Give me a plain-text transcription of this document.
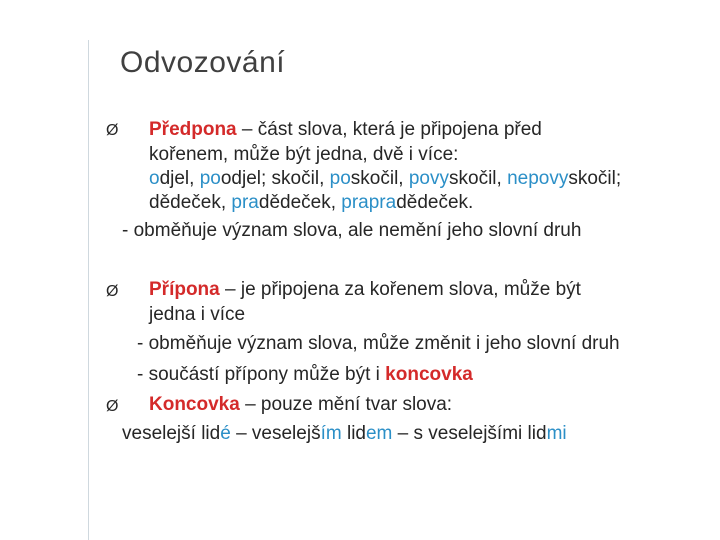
Odvozování
Ø Předpona – část slova, která je připojena před
kořenem, může být jedna, dvě i více:
odjel, poodjel; skočil, poskočil, povyskočil, nepovyskočil;
dědeček, pradědeček, prapradědeček.
- obměňuje význam slova, ale nemění jeho slovní druh
Ø Přípona – je připojena za kořenem slova, může být
jedna i více
- obměňuje význam slova, může změnit i jeho slovní druh
- součástí přípony může být i koncovka
Ø Koncovka – pouze mění tvar slova:
veselejší lidé – veselejším lidem – s veselejšími lidmi
